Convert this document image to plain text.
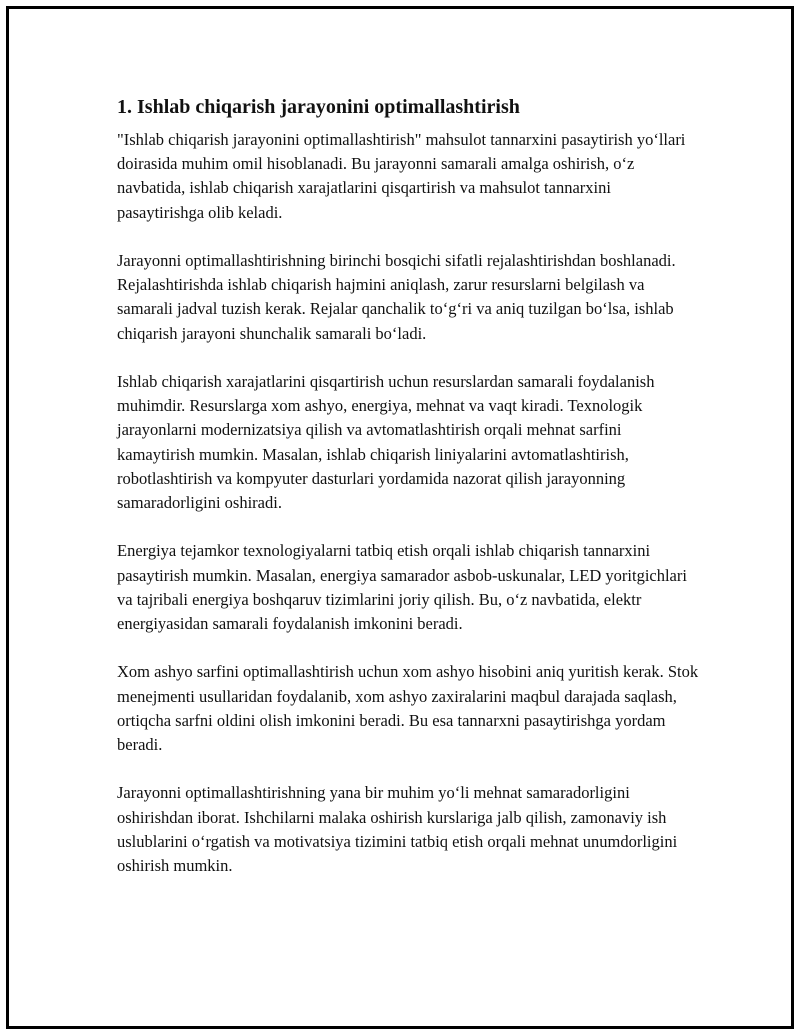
1. Ishlab chiqarish jarayonini optimallashtirish

"Ishlab chiqarish jarayonini optimallashtirish" mahsulot tannarxini pasaytirish yo‘llari doirasida muhim omil hisoblanadi. Bu jarayonni samarali amalga oshirish, o‘z navbatida, ishlab chiqarish xarajatlarini qisqartirish va mahsulot tannarxini pasaytirishga olib keladi.

Jarayonni optimallashtirishning birinchi bosqichi sifatli rejalashtirishdan boshlanadi. Rejalashtirishda ishlab chiqarish hajmini aniqlash, zarur resurslarni belgilash va samarali jadval tuzish kerak. Rejalar qanchalik to‘g‘ri va aniq tuzilgan bo‘lsa, ishlab chiqarish jarayoni shunchalik samarali bo‘ladi.

Ishlab chiqarish xarajatlarini qisqartirish uchun resurslardan samarali foydalanish muhimdir. Resurslarga xom ashyo, energiya, mehnat va vaqt kiradi. Texnologik jarayonlarni modernizatsiya qilish va avtomatlashtirish orqali mehnat sarfini kamaytirish mumkin. Masalan, ishlab chiqarish liniyalarini avtomatlashtirish, robotlashtirish va kompyuter dasturlari yordamida nazorat qilish jarayonning samaradorligini oshiradi.

Energiya tejamkor texnologiyalarni tatbiq etish orqali ishlab chiqarish tannarxini pasaytirish mumkin. Masalan, energiya samarador asbob-uskunalar, LED yoritgichlari va tajribali energiya boshqaruv tizimlarini joriy qilish. Bu, o‘z navbatida, elektr energiyasidan samarali foydalanish imkonini beradi.

Xom ashyo sarfini optimallashtirish uchun xom ashyo hisobini aniq yuritish kerak. Stok menejmenti usullaridan foydalanib, xom ashyo zaxiralarini maqbul darajada saqlash, ortiqcha sarfni oldini olish imkonini beradi. Bu esa tannarxni pasaytirishga yordam beradi.

Jarayonni optimallashtirishning yana bir muhim yo‘li mehnat samaradorligini oshirishdan iborat. Ishchilarni malaka oshirish kurslariga jalb qilish, zamonaviy ish uslublarini o‘rgatish va motivatsiya tizimini tatbiq etish orqali mehnat unumdorligini oshirish mumkin.
